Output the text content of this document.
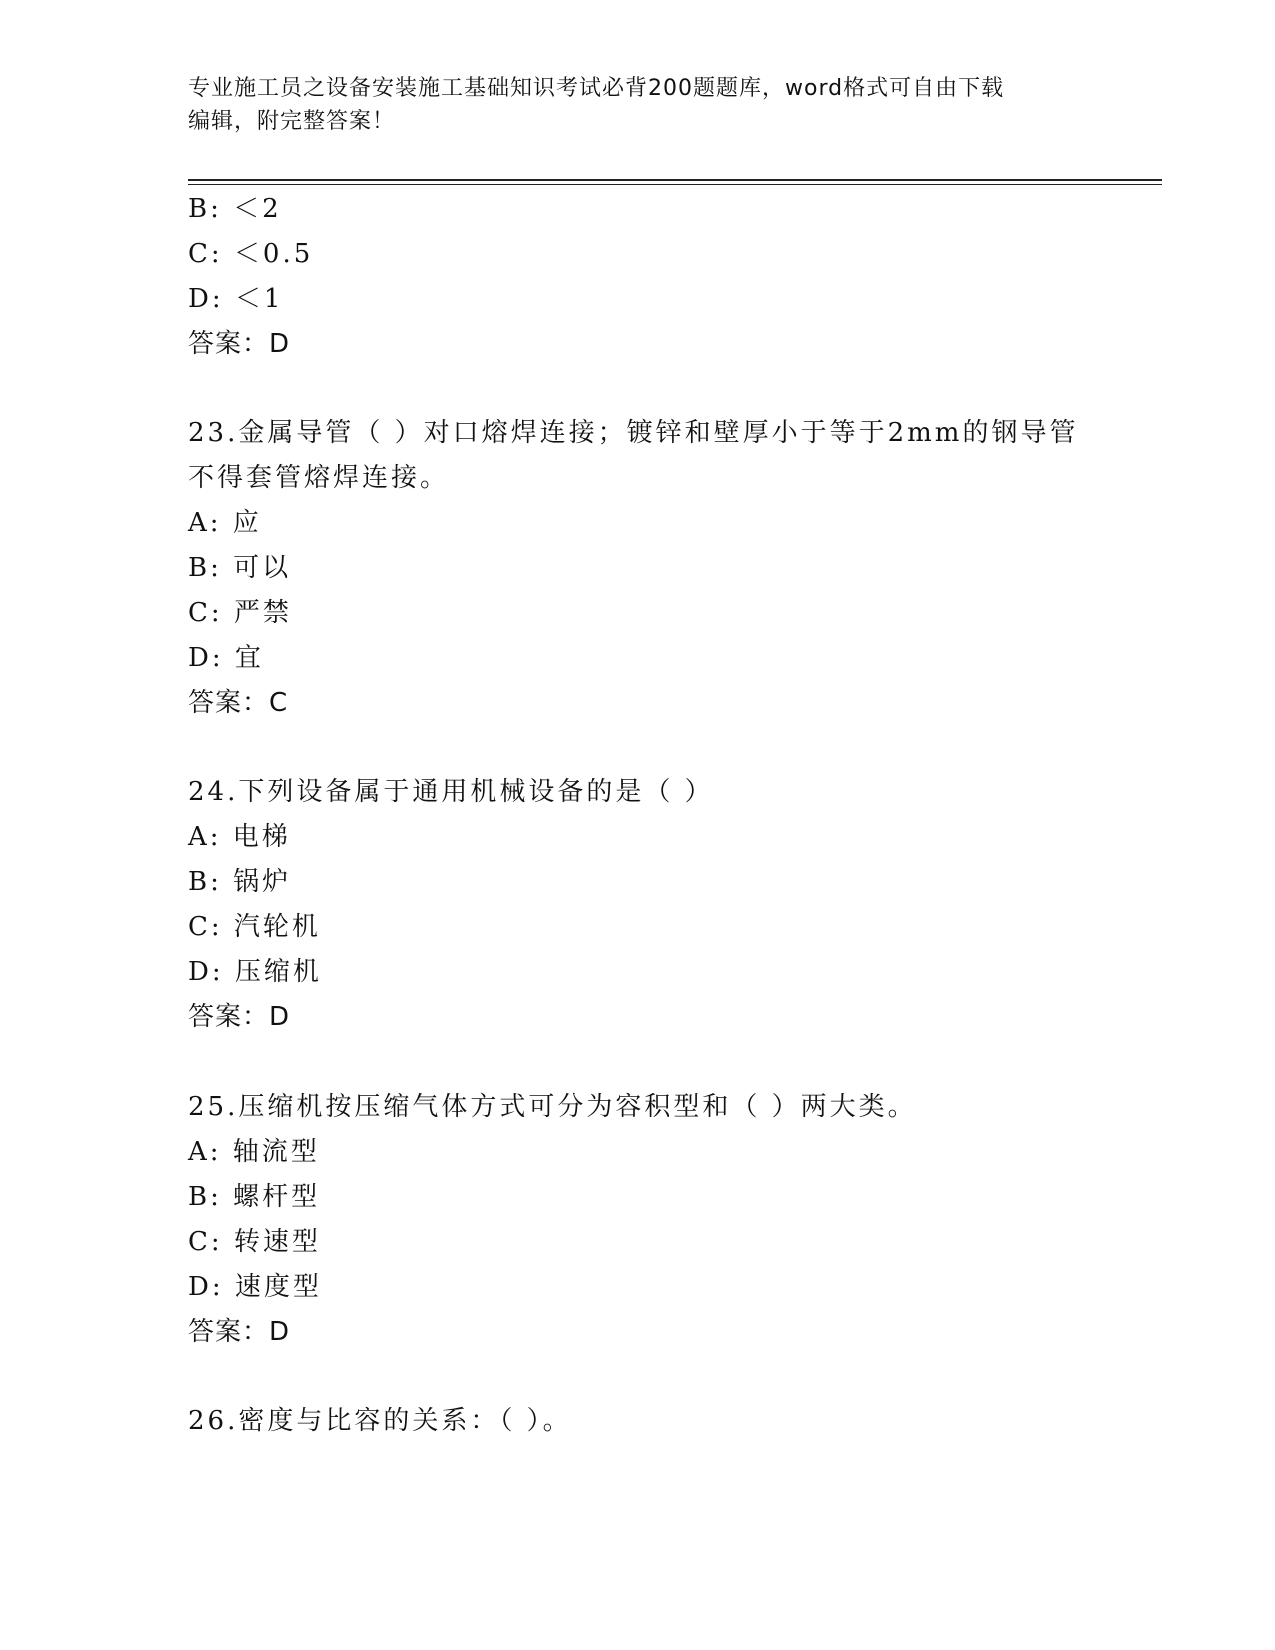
专业施工员之设备安装施工基础知识考试必背200题题库，word格式可自由下载
编辑，附完整答案！
B: ＜2
C: ＜0.5
D: ＜1
答案：D
23.金属导管（ ）对口熔焊连接；镀锌和壁厚小于等于2mm的钢导管
不得套管熔焊连接。
A: 应
B: 可以
C: 严禁
D: 宜
答案：C
24.下列设备属于通用机械设备的是（ ）
A: 电梯
B: 锅炉
C: 汽轮机
D: 压缩机
答案：D
25.压缩机按压缩气体方式可分为容积型和（ ）两大类。
A: 轴流型
B: 螺杆型
C: 转速型
D: 速度型
答案：D
26.密度与比容的关系：（ ）。
